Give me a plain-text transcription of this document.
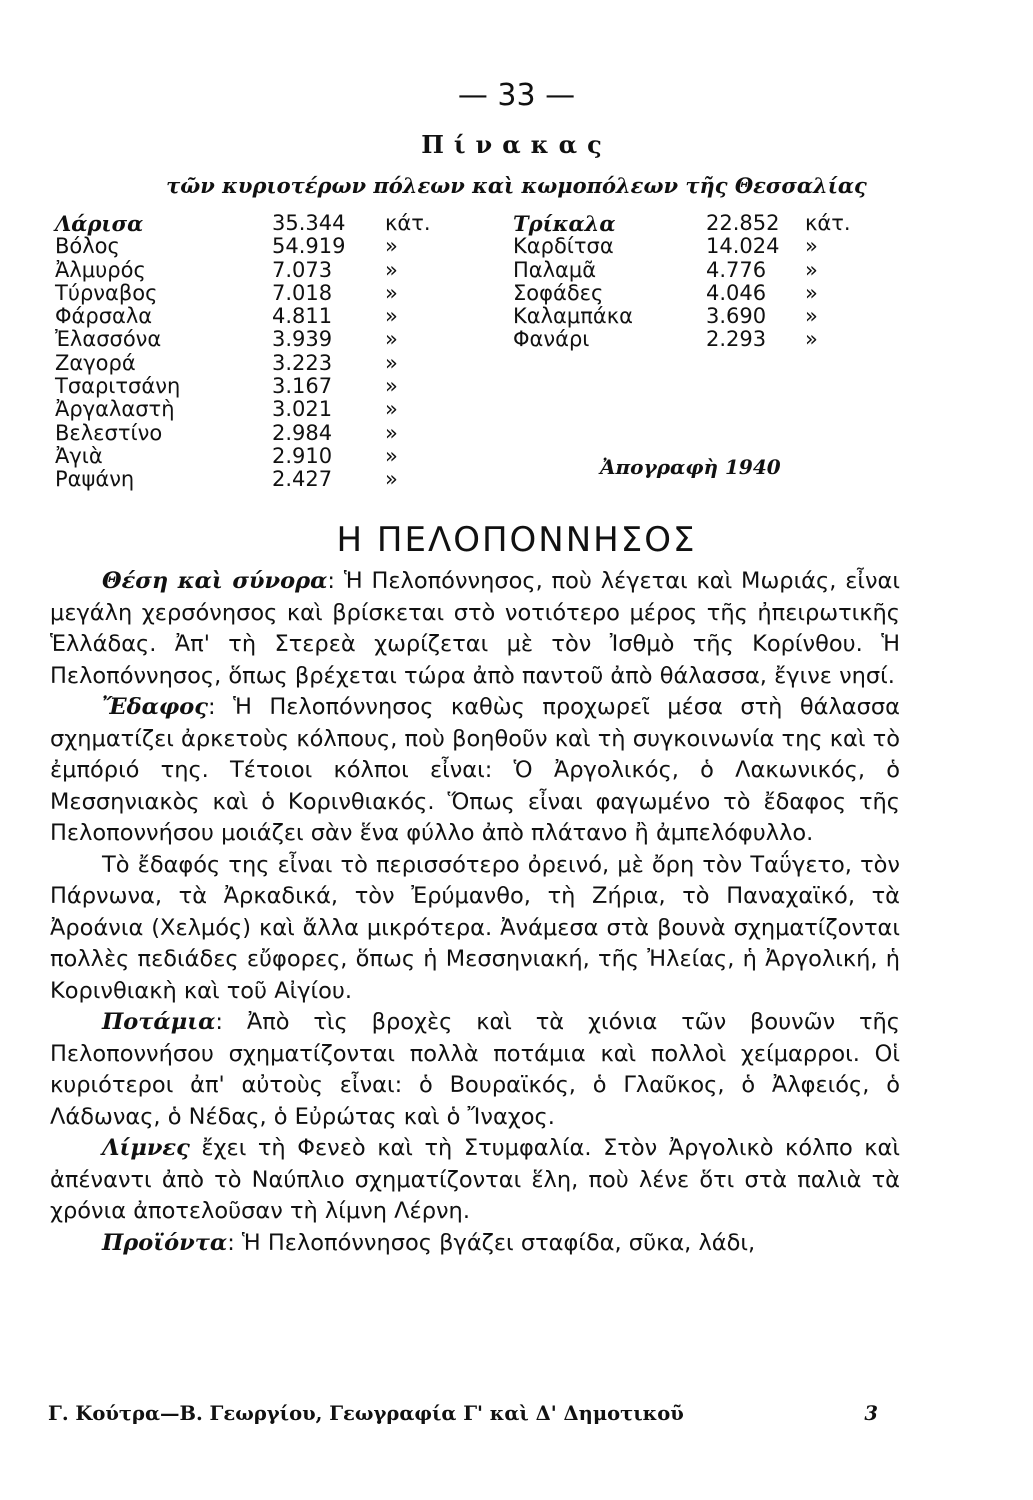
— 33 —
Πίνακας
τῶν κυριοτέρων πόλεων καὶ κωμοπόλεων τῆς Θεσσαλίας
Λάρισα	35.344 κάτ.
Βόλος	54.919 »
Ἀλμυρός	7.073	»
Τύρναβος	7.018	»
Φάρσαλα	4.811	»
Ἐλασσόνα	3.939	»
Ζαγορά	3.223	»
Τσαριτσάνη	3.167	»
Ἀργαλαστὴ	3.021	»
Βελεστίνο	2.984	»
Ἀγιὰ	2.910	»
Ραψάνη	2.427	»
Τρίκαλα	22.852 κάτ.
Καρδίτσα	14.024 »
Παλαμᾶ	4.776 »
Σοφάδες	4.046 »
Καλαμπάκα	3.690 »
Φανάρι	2.293 »
Ἀπογραφὴ 1940
Η ΠΕΛΟΠΟΝΝΗΣΟΣ

Θέση καὶ σύνορα: Ἡ Πελοπόννησος, ποὺ λέγεται καὶ Μωριάς, εἶναι μεγάλη χερσόνησος καὶ βρίσκεται στὸ νοτιότερο μέρος τῆς ἠπειρωτικῆς Ἑλλάδας. Ἀπ' τὴ Στερεὰ χωρίζεται μὲ τὸν Ἰσθμὸ τῆς Κορίνθου. Ἡ Πελοπόννησος, ὅπως βρέχεται τώρα ἀπὸ παντοῦ ἀπὸ θάλασσα, ἔγινε νησί.

Ἔδαφος: Ἡ Πελοπόννησος καθὼς προχωρεῖ μέσα στὴ θάλασσα σχηματίζει ἀρκετοὺς κόλπους, ποὺ βοηθοῦν καὶ τὴ συγκοινωνία της καὶ τὸ ἐμπόριό της. Τέτοιοι κόλποι εἶναι: Ὁ Ἀργολικός, ὁ Λακωνικός, ὁ Μεσσηνιακὸς καὶ ὁ Κορινθιακός. Ὅπως εἶναι φαγωμένο τὸ ἔδαφος τῆς Πελοποννήσου μοιάζει σὰν ἕνα φύλλο ἀπὸ πλάτανο ἢ ἀμπελόφυλλο.

Τὸ ἔδαφός της εἶναι τὸ περισσότερο ὀρεινό, μὲ ὄρη τὸν Ταΰγετο, τὸν Πάρνωνα, τὰ Ἀρκαδικά, τὸν Ἐρύμανθο, τὴ Ζήρια, τὸ Παναχαϊκό, τὰ Ἀροάνια (Χελμός) καὶ ἄλλα μικρότερα. Ἀνάμεσα στὰ βουνὰ σχηματίζονται πολλὲς πεδιάδες εὔφορες, ὅπως ἡ Μεσσηνιακή, τῆς Ἠλείας, ἡ Ἀργολική, ἡ Κορινθιακὴ καὶ τοῦ Αἰγίου.

Ποτάμια: Ἀπὸ τὶς βροχὲς καὶ τὰ χιόνια τῶν βουνῶν τῆς Πελοποννήσου σχηματίζονται πολλὰ ποτάμια καὶ πολλοὶ χείμαρροι. Οἱ κυριότεροι ἀπ' αὐτοὺς εἶναι: ὁ Βουραϊκός, ὁ Γλαῦκος, ὁ Ἀλφειός, ὁ Λάδωνας, ὁ Νέδας, ὁ Εὐρώτας καὶ ὁ Ἴναχος.

Λίμνες ἔχει τὴ Φενεὸ καὶ τὴ Στυμφαλία. Στὸν Ἀργολικὸ κόλπο καὶ ἀπέναντι ἀπὸ τὸ Ναύπλιο σχηματίζονται ἕλη, ποὺ λένε ὅτι στὰ παλιὰ τὰ χρόνια ἀποτελοῦσαν τὴ λίμνη Λέρνη.

Προϊόντα: Ἡ Πελοπόννησος βγάζει σταφίδα, σῦκα, λάδι,

Γ. Κούτρα—Β. Γεωργίου, Γεωγραφία Γ' καὶ Δ' Δημοτικοῦ	3
